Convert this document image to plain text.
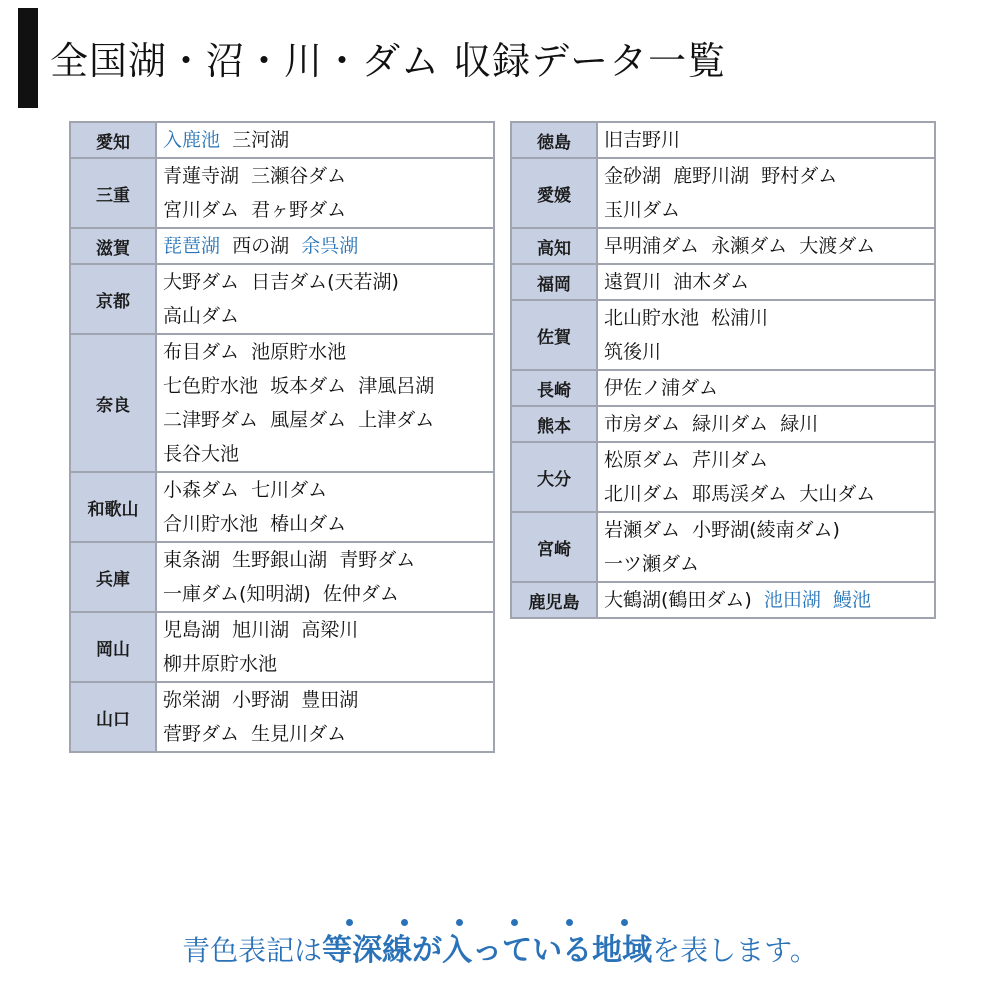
全国湖・沼・川・ダム 収録データ一覧
愛知	入鹿池 三河湖

三重	青蓮寺湖 三瀬谷ダム
宮川ダム 君ヶ野ダム

滋賀	琵琶湖 西の湖 余呉湖

京都	大野ダム 日吉ダム(天若湖)
高山ダム

奈良	布目ダム 池原貯水池
七色貯水池 坂本ダム 津風呂湖
二津野ダム 風屋ダム 上津ダム
長谷大池

和歌山	小森ダム 七川ダム
合川貯水池 椿山ダム

兵庫	東条湖 生野銀山湖 青野ダム
一庫ダム(知明湖) 佐仲ダム

岡山	児島湖 旭川湖 高梁川
柳井原貯水池

山口	弥栄湖 小野湖 豊田湖
菅野ダム 生見川ダム
徳島	旧吉野川

愛媛	金砂湖 鹿野川湖 野村ダム
玉川ダム

高知	早明浦ダム 永瀬ダム 大渡ダム

福岡	遠賀川 油木ダム

佐賀	北山貯水池 松浦川
筑後川

長崎	伊佐ノ浦ダム

熊本	市房ダム 緑川ダム 緑川

大分	松原ダム 芹川ダム
北川ダム 耶馬渓ダム 大山ダム

宮崎	岩瀬ダム 小野湖(綾南ダム)
一ツ瀬ダム

鹿児島	大鶴湖(鶴田ダム) 池田湖 鰻池
青色表記は
等深線が入っている地域を表します。
